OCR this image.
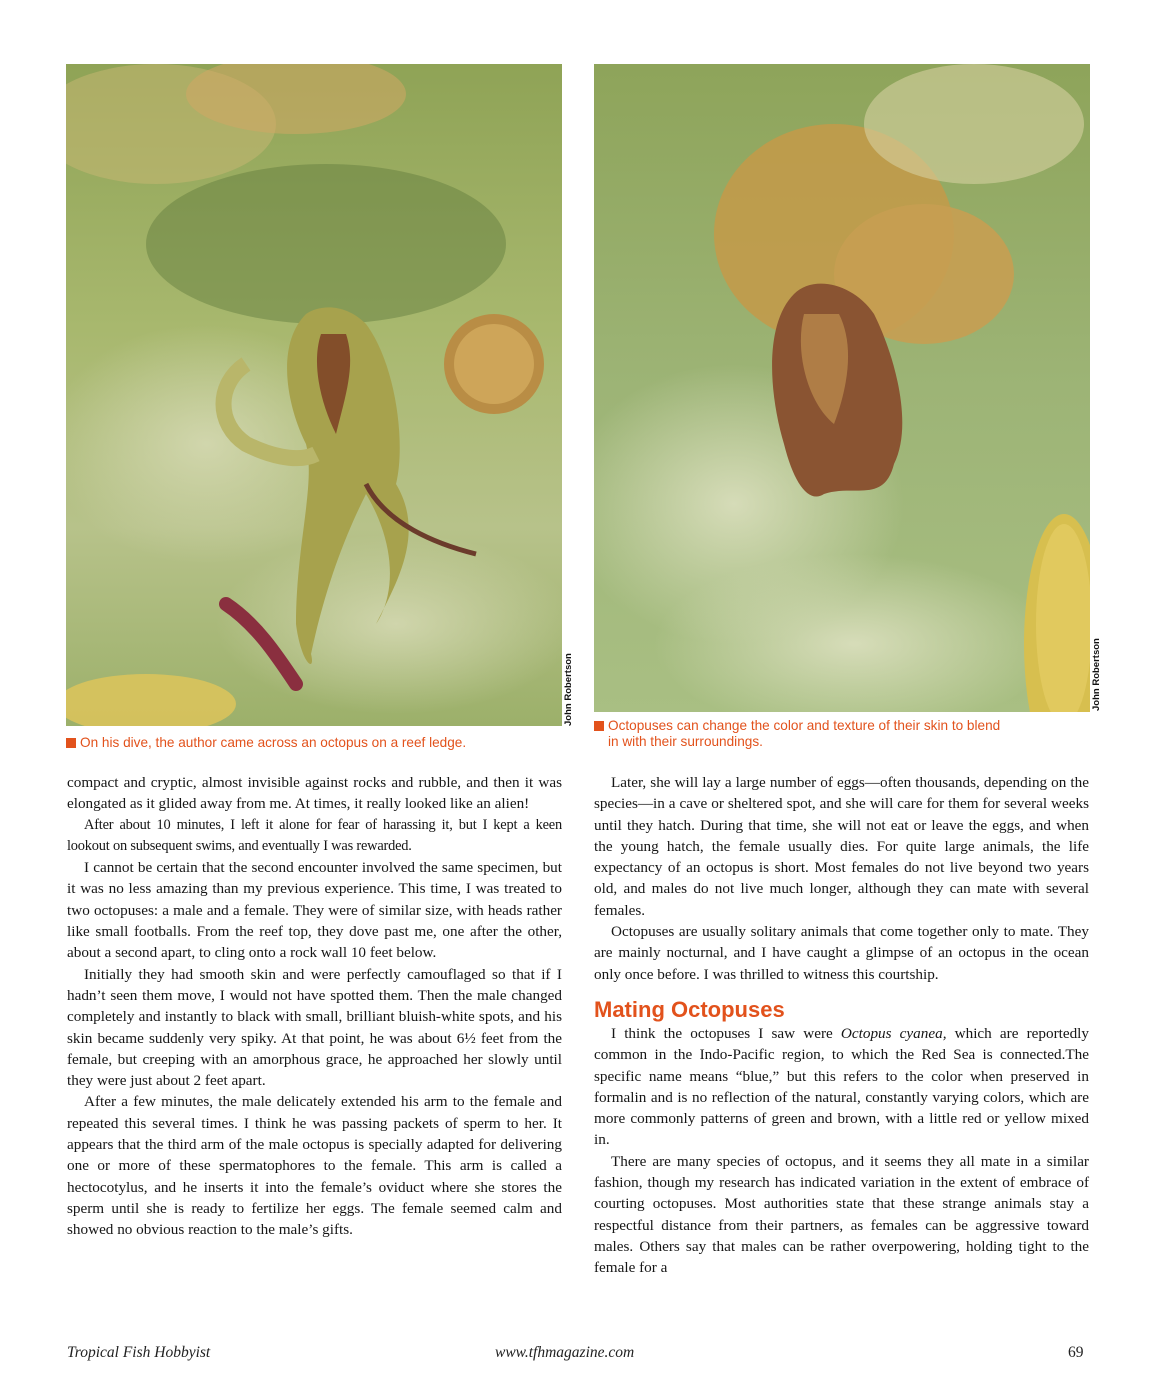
John Robertson
On his dive, the author came across an octopus on a reef ledge.
John Robertson
Octopuses can change the color and texture of their skin to blend
in with their surroundings.

compact and cryptic, almost invisible against rocks and rubble, and then it was elongated as it glided away from me. At times, it really looked like an alien!

After about 10 minutes, I left it alone for fear of harassing it, but I kept a keen lookout on subsequent swims, and eventually I was rewarded.

I cannot be certain that the second encounter involved the same specimen, but it was no less amazing than my previous experience. This time, I was treated to two octopuses: a male and a female. They were of similar size, with heads rather like small footballs. From the reef top, they dove past me, one after the other, about a second apart, to cling onto a rock wall 10 feet below.

Initially they had smooth skin and were perfectly camouflaged so that if I hadn’t seen them move, I would not have spotted them. Then the male changed completely and instantly to black with small, brilliant bluish-white spots, and his skin became suddenly very spiky. At that point, he was about 6½ feet from the female, but creeping with an amorphous grace, he approached her slowly until they were just about 2 feet apart.

After a few minutes, the male delicately extended his arm to the female and repeated this several times. I think he was passing packets of sperm to her. It appears that the third arm of the male octopus is specially adapted for delivering one or more of these spermatophores to the female. This arm is called a hectocotylus, and he inserts it into the female’s oviduct where she stores the sperm until she is ready to fertilize her eggs. The female seemed calm and showed no obvious reaction to the male’s gifts.

Later, she will lay a large number of eggs—often thousands, depending on the species—in a cave or sheltered spot, and she will care for them for several weeks until they hatch. During that time, she will not eat or leave the eggs, and when the young hatch, the female usually dies. For quite large animals, the life expectancy of an octopus is short. Most females do not live beyond two years old, and males do not live much longer, although they can mate with several females.

Octopuses are usually solitary animals that come together only to mate. They are mainly nocturnal, and I have caught a glimpse of an octopus in the ocean only once before. I was thrilled to witness this courtship.

Mating Octopuses

I think the octopuses I saw were Octopus cyanea, which are reportedly common in the Indo-Pacific region, to which the Red Sea is connected.The specific name means “blue,” but this refers to the color when preserved in formalin and is no reflection of the natural, constantly varying colors, which are more commonly patterns of green and brown, with a little red or yellow mixed in.

There are many species of octopus, and it seems they all mate in a similar fashion, though my research has indicated variation in the extent of embrace of courting octopuses. Most authorities state that these strange animals stay a respectful distance from their partners, as females can be aggressive toward males. Others say that males can be rather overpowering, holding tight to the female for a

Tropical Fish Hobbyist	www.tfhmagazine.com	69
